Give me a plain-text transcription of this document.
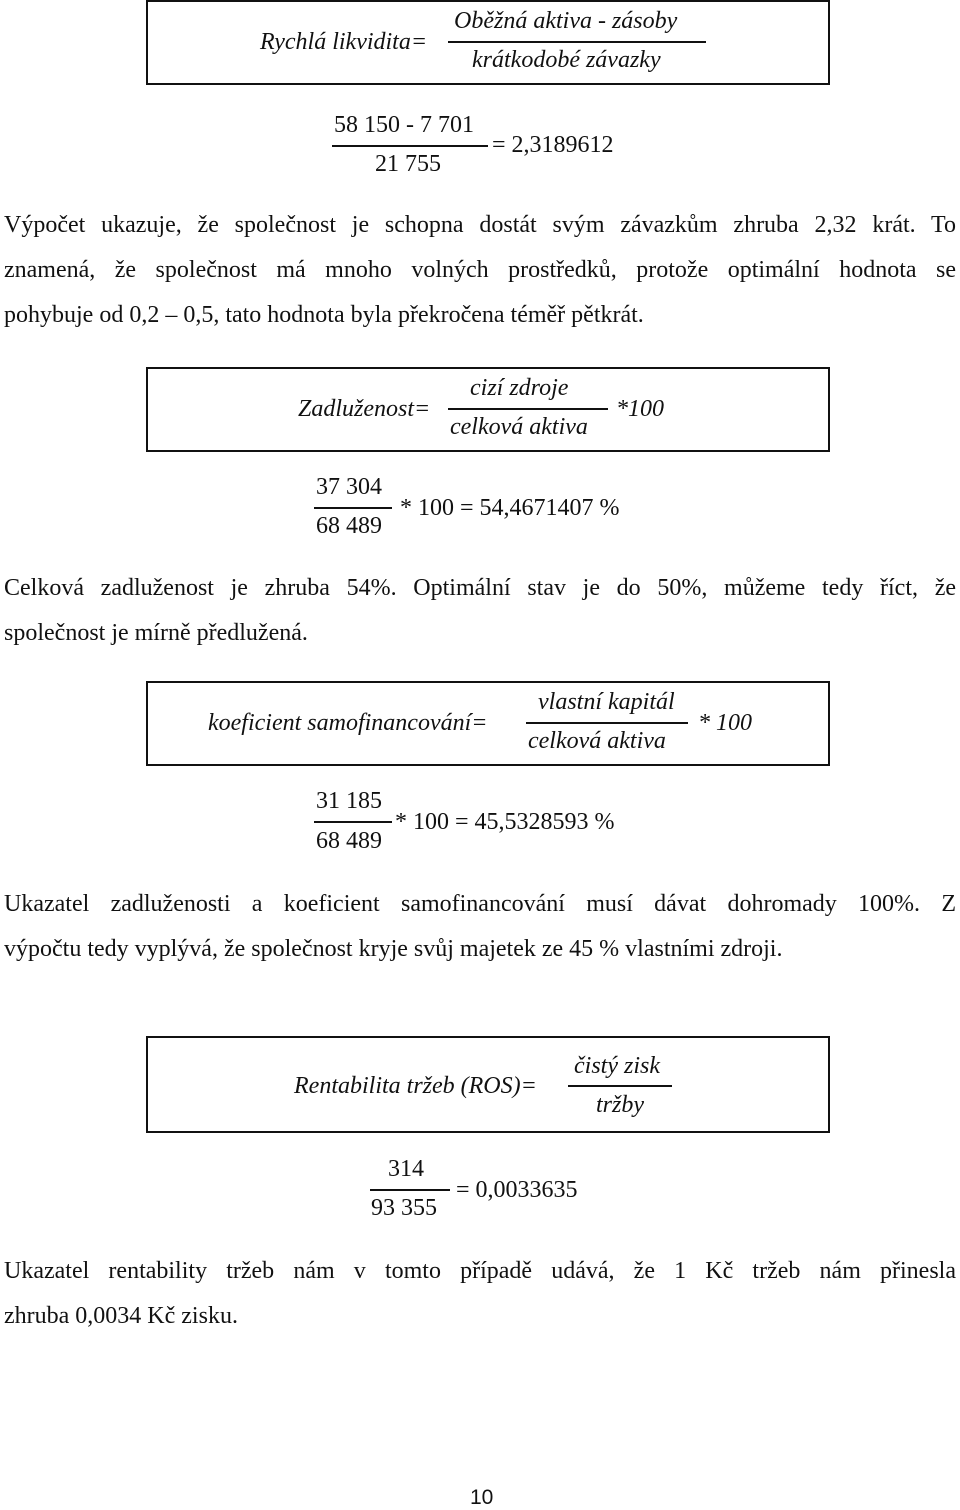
Rychlá likvidita=
Oběžná aktiva - zásoby
krátkodobé závazky
58 150 - 7 701
21 755
= 2,3189612
Výpočet ukazuje, že společnost je schopna dostát svým závazkům zhruba 2,32 krát. To
znamená, že společnost má mnoho volných prostředků, protože optimální hodnota se
pohybuje od 0,2 – 0,5, tato hodnota byla překročena téměř pětkrát.
Zadluženost=
cizí zdroje
celková aktiva
*100
37 304
68 489
* 100 = 54,4671407 %
Celková zadluženost je zhruba 54%. Optimální stav je do 50%, můžeme tedy říct, že
společnost je mírně předlužená.
koeficient samofinancování=
vlastní kapitál
celková aktiva
* 100
31 185
68 489
* 100 = 45,5328593 %
Ukazatel zadluženosti a koeficient samofinancování musí dávat dohromady 100%. Z
výpočtu tedy vyplývá, že společnost kryje svůj majetek ze 45 % vlastními zdroji.
Rentabilita tržeb (ROS)=
čistý zisk
tržby
314
93 355
= 0,0033635
Ukazatel rentability tržeb nám v tomto případě udává, že 1 Kč tržeb nám přinesla
zhruba 0,0034 Kč zisku.
10
